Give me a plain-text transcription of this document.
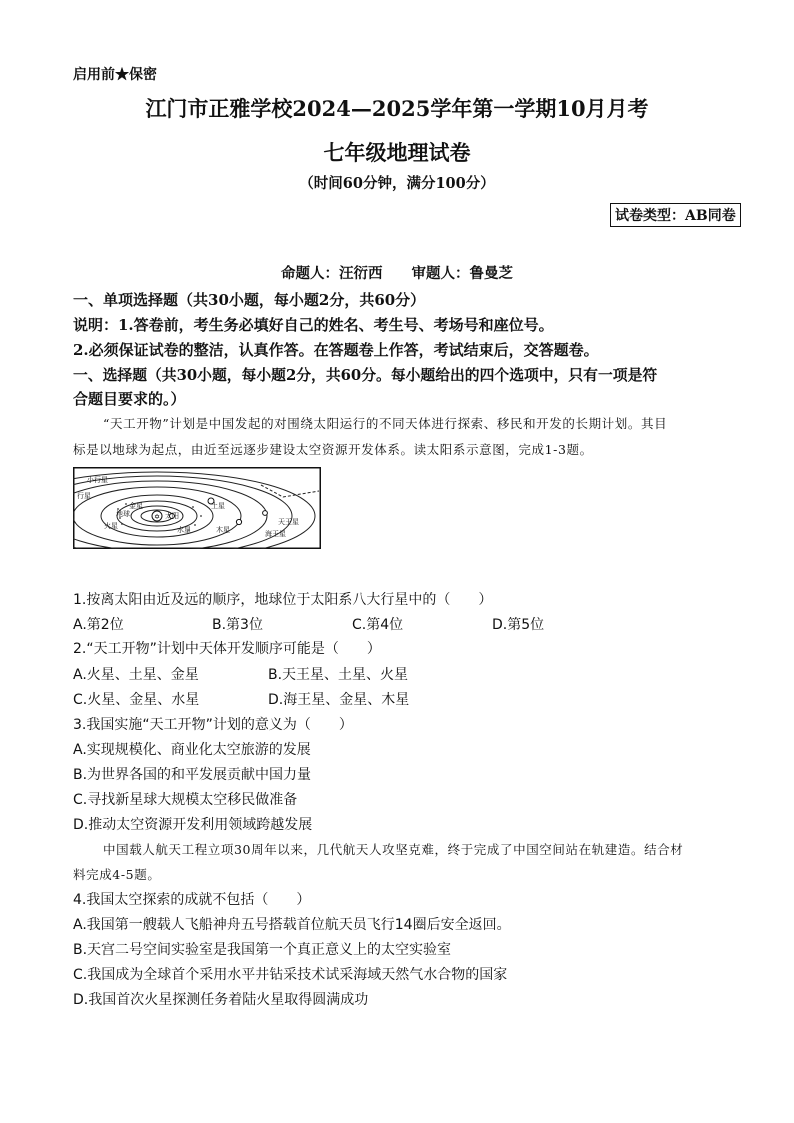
启用前★保密
江门市正雅学校2024—2025学年第一学期10月月考
七年级地理试卷
（时间60分钟，满分100分）
试卷类型：AB同卷
命题人：汪衍西　　审题人：鲁曼芝
一、单项选择题（共30小题，每小题2分，共60分）
说明：1.答卷前，考生务必填好自己的姓名、考生号、考场号和座位号。
2.必须保证试卷的整洁，认真作答。在答题卷上作答，考试结束后，交答题卷。
一、选择题（共30小题，每小题2分，共60分。每小题给出的四个选项中，只有一项是符
合题目要求的。）
“天工开物”计划是中国发起的对围绕太阳运行的不同天体进行探索、移民和开发的长期计划。其目
标是以地球为起点，由近至远逐步建设太空资源开发体系。读太阳系示意图，完成1-3题。
✡
小行星
地球	太阳
火星
金星
水星	木星
土星
天王星
海王星
行星
1.按离太阳由近及远的顺序，地球位于太阳系八大行星中的（　　）
A.第2位	B.第3位	C.第4位	D.第5位
2.“天工开物”计划中天体开发顺序可能是（　　）
A.火星、土星、金星	B.天王星、土星、火星
C.火星、金星、水星	D.海王星、金星、木星
3.我国实施“天工开物”计划的意义为（　　）
A.实现规模化、商业化太空旅游的发展
B.为世界各国的和平发展贡献中国力量
C.寻找新星球大规模太空移民做准备
D.推动太空资源开发利用领域跨越发展
中国载人航天工程立项30周年以来，几代航天人攻坚克难，终于完成了中国空间站在轨建造。结合材
料完成4-5题。
4.我国太空探索的成就不包括（　　）
A.我国第一艘载人飞船神舟五号搭载首位航天员飞行14圈后安全返回。
B.天宫二号空间实验室是我国第一个真正意义上的太空实验室
C.我国成为全球首个采用水平井钻采技术试采海域天然气水合物的国家
D.我国首次火星探测任务着陆火星取得圆满成功
